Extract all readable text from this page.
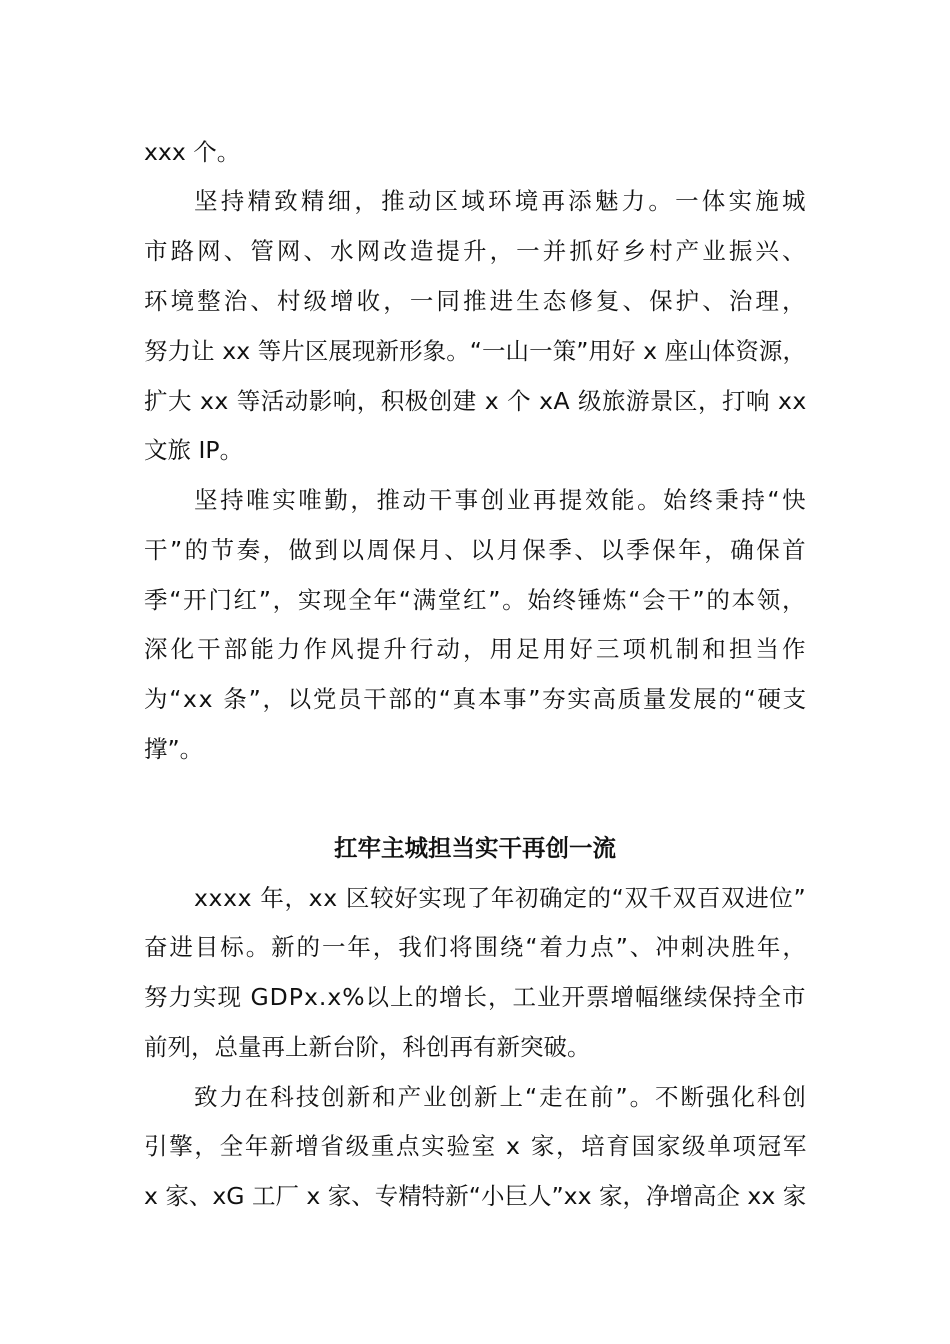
xxx 个。
坚持精致精细，推动区域环境再添魅力。一体实施城
市路网、管网、水网改造提升，一并抓好乡村产业振兴、
环境整治、村级增收，一同推进生态修复、保护、治理，
努力让 xx 等片区展现新形象。“一山一策”用好 x 座山体资源，
扩大 xx 等活动影响，积极创建 x 个 xA 级旅游景区，打响 xx
文旅 IP。
坚持唯实唯勤，推动干事创业再提效能。始终秉持“快
干”的节奏，做到以周保月、以月保季、以季保年，确保首
季“开门红”，实现全年“满堂红”。始终锤炼“会干”的本领，
深化干部能力作风提升行动，用足用好三项机制和担当作
为“xx 条”，以党员干部的“真本事”夯实高质量发展的“硬支
撑”。
扛牢主城担当实干再创一流
xxxx 年，xx 区较好实现了年初确定的“双千双百双进位”
奋进目标。新的一年，我们将围绕“着力点”、冲刺决胜年，
努力实现 GDPx.x%以上的增长，工业开票增幅继续保持全市
前列，总量再上新台阶，科创再有新突破。
致力在科技创新和产业创新上“走在前”。不断强化科创
引擎，全年新增省级重点实验室 x 家，培育国家级单项冠军
x 家、xG 工厂 x 家、专精特新“小巨人”xx 家，净增高企 xx 家
